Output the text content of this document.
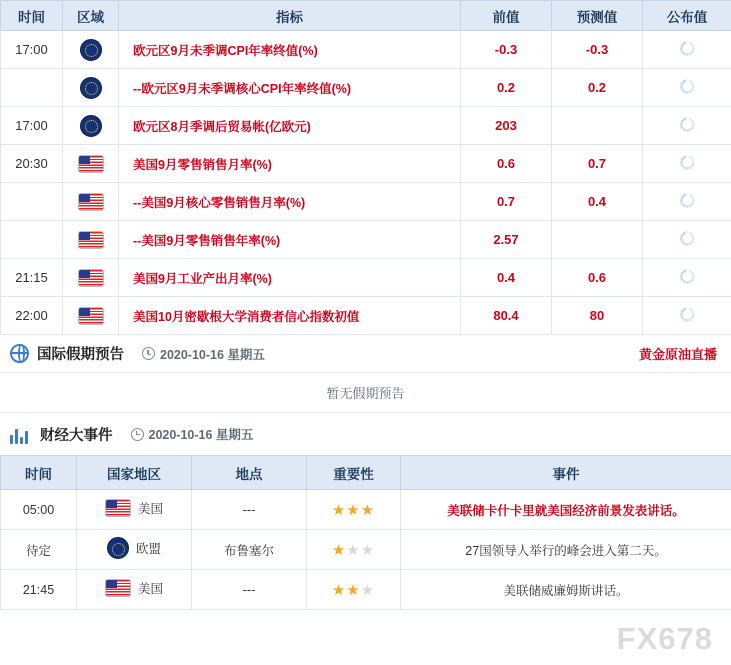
时间	区域	指标	前值	预测值	公布值
17:00		欧元区9月未季调CPI年率终值(%)	-0.3	-0.3	

		--欧元区9月未季调核心CPI年率终值(%)	0.2	0.2	

17:00		欧元区8月季调后贸易帐(亿欧元)	203		

20:30		美国9月零售销售月率(%)	0.6	0.7	

		--美国9月核心零售销售月率(%)	0.7	0.4	

		--美国9月零售销售年率(%)	2.57		

21:15		美国9月工业产出月率(%)	0.4	0.6	

22:00		美国10月密歇根大学消费者信心指数初值	80.4	80	
国际假期预告	2020-10-16 星期五	黄金原油直播
暂无假期预告
财经大事件	2020-10-16 星期五
时间	国家地区	地点	重要性	事件
05:00	美国	---	★★★	美联储卡什卡里就美国经济前景发表讲话。
待定	欧盟	布鲁塞尔	★★★	27国领导人举行的峰会进入第二天。
21:45	美国	---	★★★	美联储威廉姆斯讲话。
FX678
